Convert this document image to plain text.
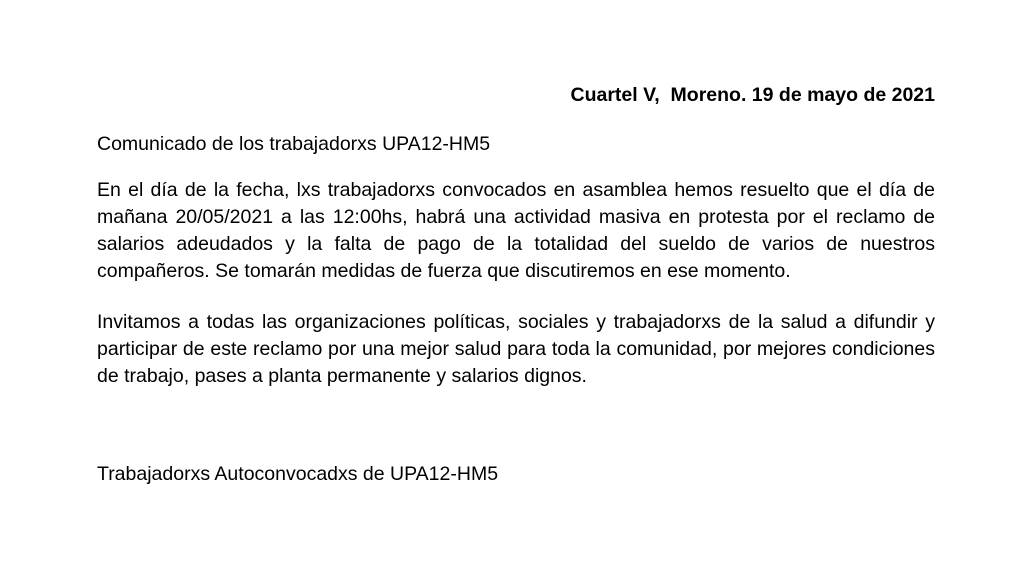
Cuartel V,  Moreno. 19 de mayo de 2021
Comunicado de los trabajadorxs UPA12-HM5

En el día de la fecha, lxs trabajadorxs convocados en asamblea hemos resuelto que el día de mañana 20/05/2021 a las 12:00hs, habrá una actividad masiva en protesta por el reclamo de salarios adeudados y la falta de pago de la totalidad del sueldo de varios de nuestros compañeros. Se tomarán medidas de fuerza que discutiremos en ese momento.

Invitamos a todas las organizaciones políticas, sociales y trabajadorxs de la salud a difundir y participar de este reclamo por una mejor salud para toda la comunidad, por mejores condiciones de trabajo, pases a planta permanente y salarios dignos.

Trabajadorxs Autoconvocadxs de UPA12-HM5
